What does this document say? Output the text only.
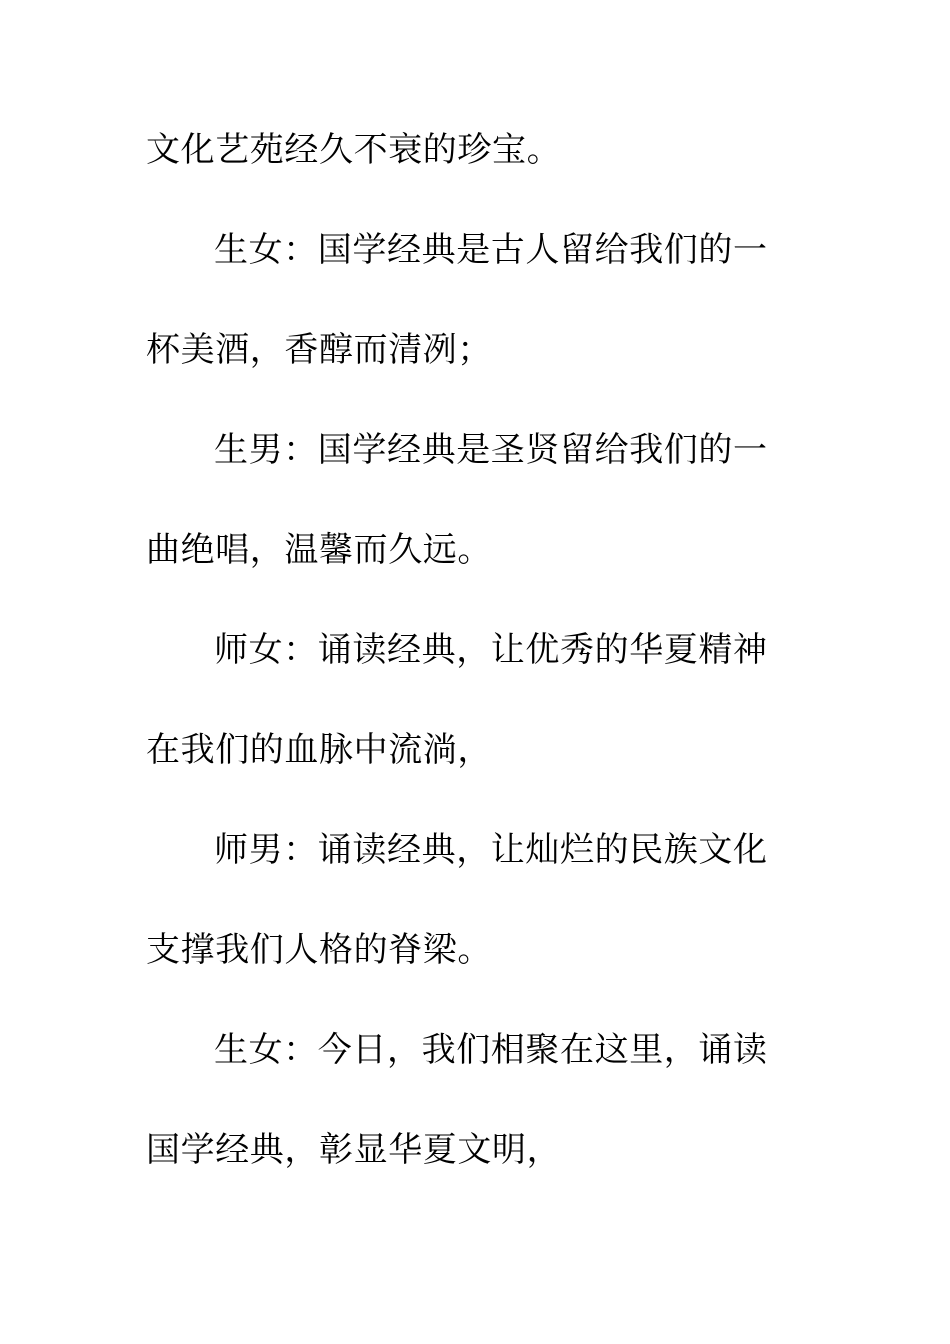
文化艺苑经久不衰的珍宝。
生女：国学经典是古人留给我们的一
杯美酒，香醇而清冽；
生男：国学经典是圣贤留给我们的一
曲绝唱，温馨而久远。
师女：诵读经典，让优秀的华夏精神
在我们的血脉中流淌，
师男：诵读经典，让灿烂的民族文化
支撑我们人格的脊梁。
生女：今日，我们相聚在这里，诵读
国学经典，彰显华夏文明，
